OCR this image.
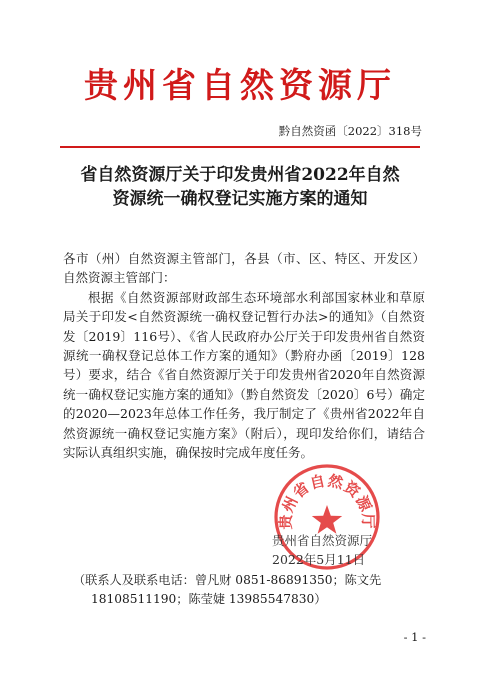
贵州省自然资源厅
黔自然资函〔2022〕318号
省自然资源厅关于印发贵州省2022年自然
资源统一确权登记实施方案的通知

各市（州）自然资源主管部门，各县（市、区、特区、开发区）自然资源主管部门：

根据《自然资源部财政部生态环境部水利部国家林业和草原局关于印发<自然资源统一确权登记暂行办法>的通知》（自然资发〔2019〕116号）、《省人民政府办公厅关于印发贵州省自然资源统一确权登记总体工作方案的通知》（黔府办函〔2019〕128号）要求，结合《省自然资源厅关于印发贵州省2020年自然资源统一确权登记实施方案的通知》（黔自然资发〔2020〕6号）确定的2020—2023年总体工作任务，我厅制定了《贵州省2022年自然资源统一确权登记实施方案》（附后），现印发给你们，请结合实际认真组织实施，确保按时完成年度任务。

贵州省自然资源厅
贵州省自然资源厅
2022年5月11日
（联系人及联系电话：曾凡财 0851-86891350；陈文先
18108511190；陈莹婕 13985547830）
- 1 -
